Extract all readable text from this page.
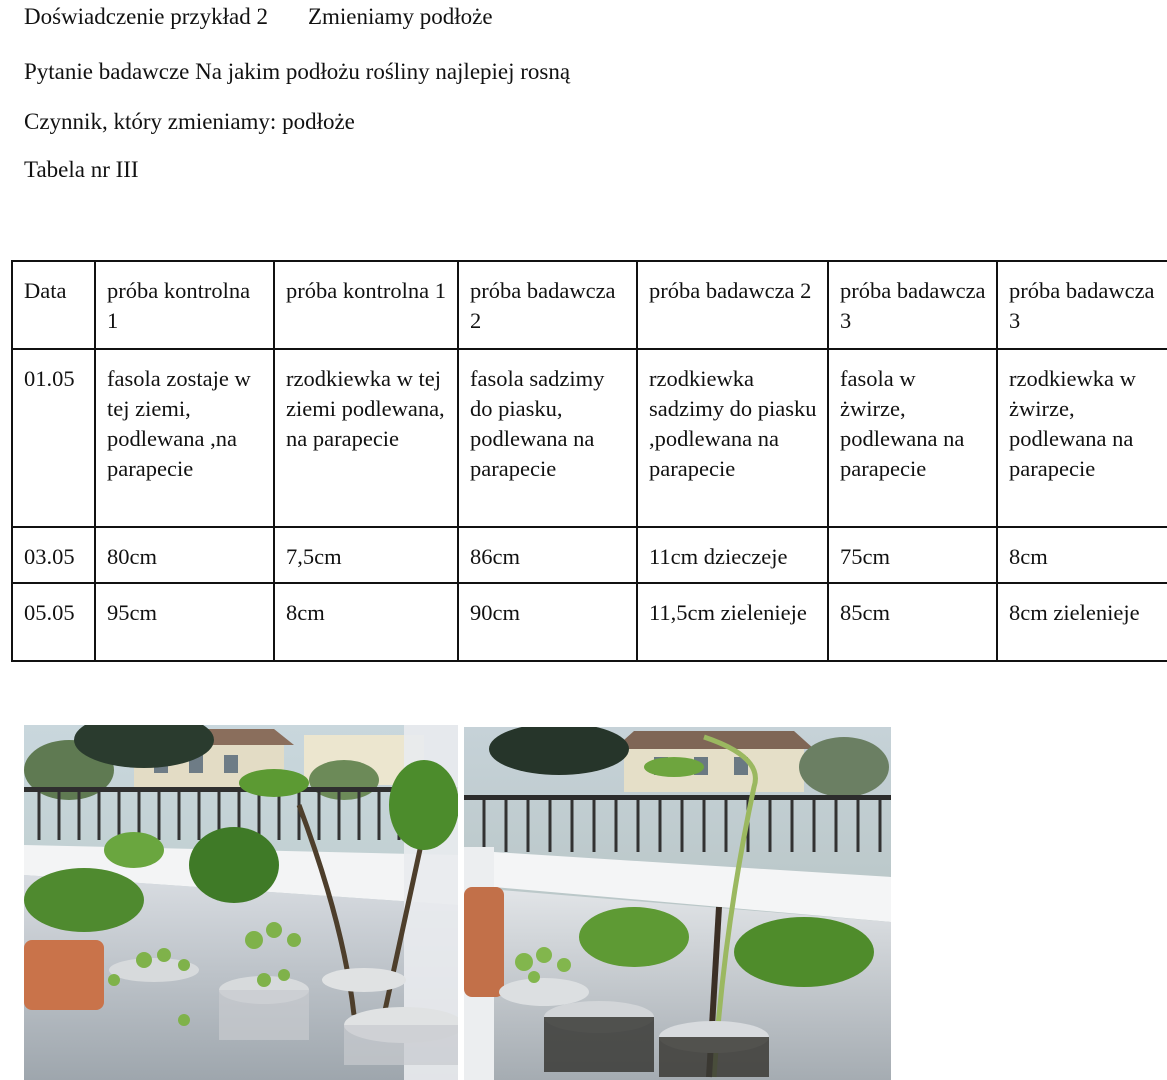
Doświadczenie przykład 2 Zmieniamy podłoże
Pytanie badawcze Na jakim podłożu rośliny najlepiej rosną
Czynnik, który zmieniamy: podłoże
Tabela nr III
Data	próba kontrolna 1	próba kontrolna 1	próba badawcza 2	próba badawcza 2	próba badawcza 3	próba badawcza 3
01.05	fasola zostaje w tej ziemi, podlewana ,na parapecie	rzodkiewka w tej ziemi podlewana, na parapecie	fasola sadzimy do piasku, podlewana na parapecie	rzodkiewka sadzimy do piasku ,podlewana na parapecie	fasola w żwirze, podlewana na parapecie	rzodkiewka w żwirze, podlewana na parapecie
03.05	80cm	7,5cm	86cm	11cm dzieczeje	75cm	8cm
05.05	95cm	8cm	90cm	11,5cm zielenieje	85cm	8cm zielenieje
